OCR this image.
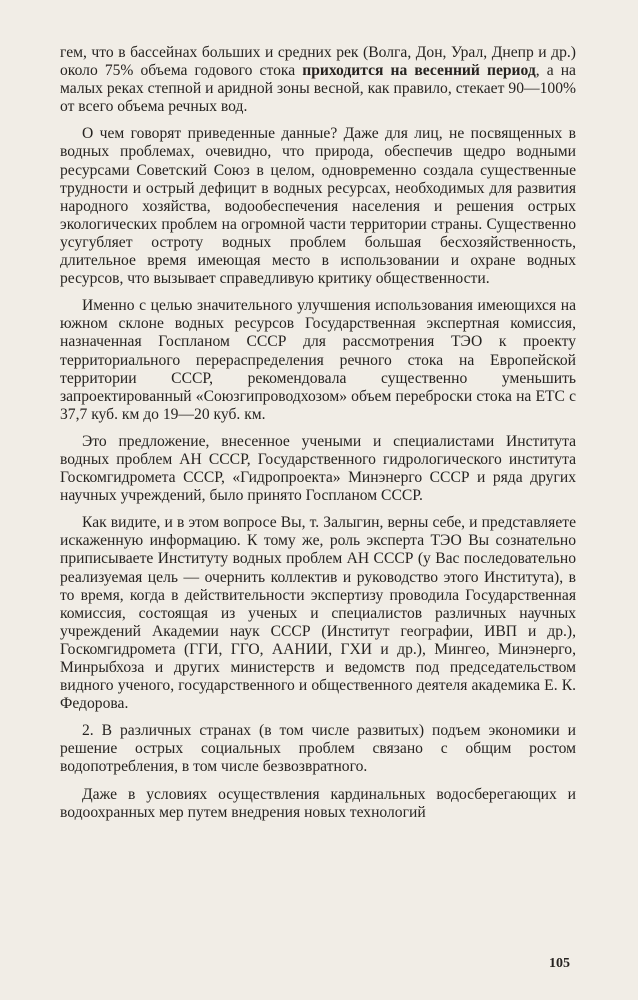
гем, что в бассейнах больших и средних рек (Волга, Дон, Урал, Днепр и др.) около 75% объема годового стока приходится на весенний период, а на малых реках степной и аридной зоны весной, как правило, стекает 90—100% от всего объема речных вод.

О чем говорят приведенные данные? Даже для лиц, не посвященных в водных проблемах, очевидно, что природа, обеспечив щедро водными ресурсами Советский Союз в целом, одновременно создала существенные трудности и острый дефицит в водных ресурсах, необходимых для развития народного хозяйства, водообеспечения населения и решения острых экологических проблем на огромной части территории страны. Существенно усугубляет остроту водных проблем большая бесхозяйственность, длительное время имеющая место в использовании и охране водных ресурсов, что вызывает справедливую критику общественности.

Именно с целью значительного улучшения использования имеющихся на южном склоне водных ресурсов Государственная экспертная комиссия, назначенная Госпланом СССР для рассмотрения ТЭО к проекту территориального перераспределения речного стока на Европейской территории СССР, рекомендовала существенно уменьшить запроектированный «Союзгипроводхозом» объем переброски стока на ЕТС с 37,7 куб. км до 19—20 куб. км.

Это предложение, внесенное учеными и специалистами Института водных проблем АН СССР, Государственного гидрологического института Госкомгидромета СССР, «Гидропроекта» Минэнерго СССР и ряда других научных учреждений, было принято Госпланом СССР.

Как видите, и в этом вопросе Вы, т. Залыгин, верны себе, и представляете искаженную информацию. К тому же, роль эксперта ТЭО Вы сознательно приписываете Институту водных проблем АН СССР (у Вас последовательно реализуемая цель — очернить коллектив и руководство этого Института), в то время, когда в действительности экспертизу проводила Государственная комиссия, состоящая из ученых и специалистов различных научных учреждений Академии наук СССР (Институт географии, ИВП и др.), Госкомгидромета (ГГИ, ГГО, ААНИИ, ГХИ и др.), Мингео, Минэнерго, Минрыбхоза и других министерств и ведомств под председательством видного ученого, государственного и общественного деятеля академика Е. К. Федорова.

2. В различных странах (в том числе развитых) подъем экономики и решение острых социальных проблем связано с общим ростом водопотребления, в том числе безвозвратного.

Даже в условиях осуществления кардинальных водосберегающих и водоохранных мер путем внедрения новых технологий

105
